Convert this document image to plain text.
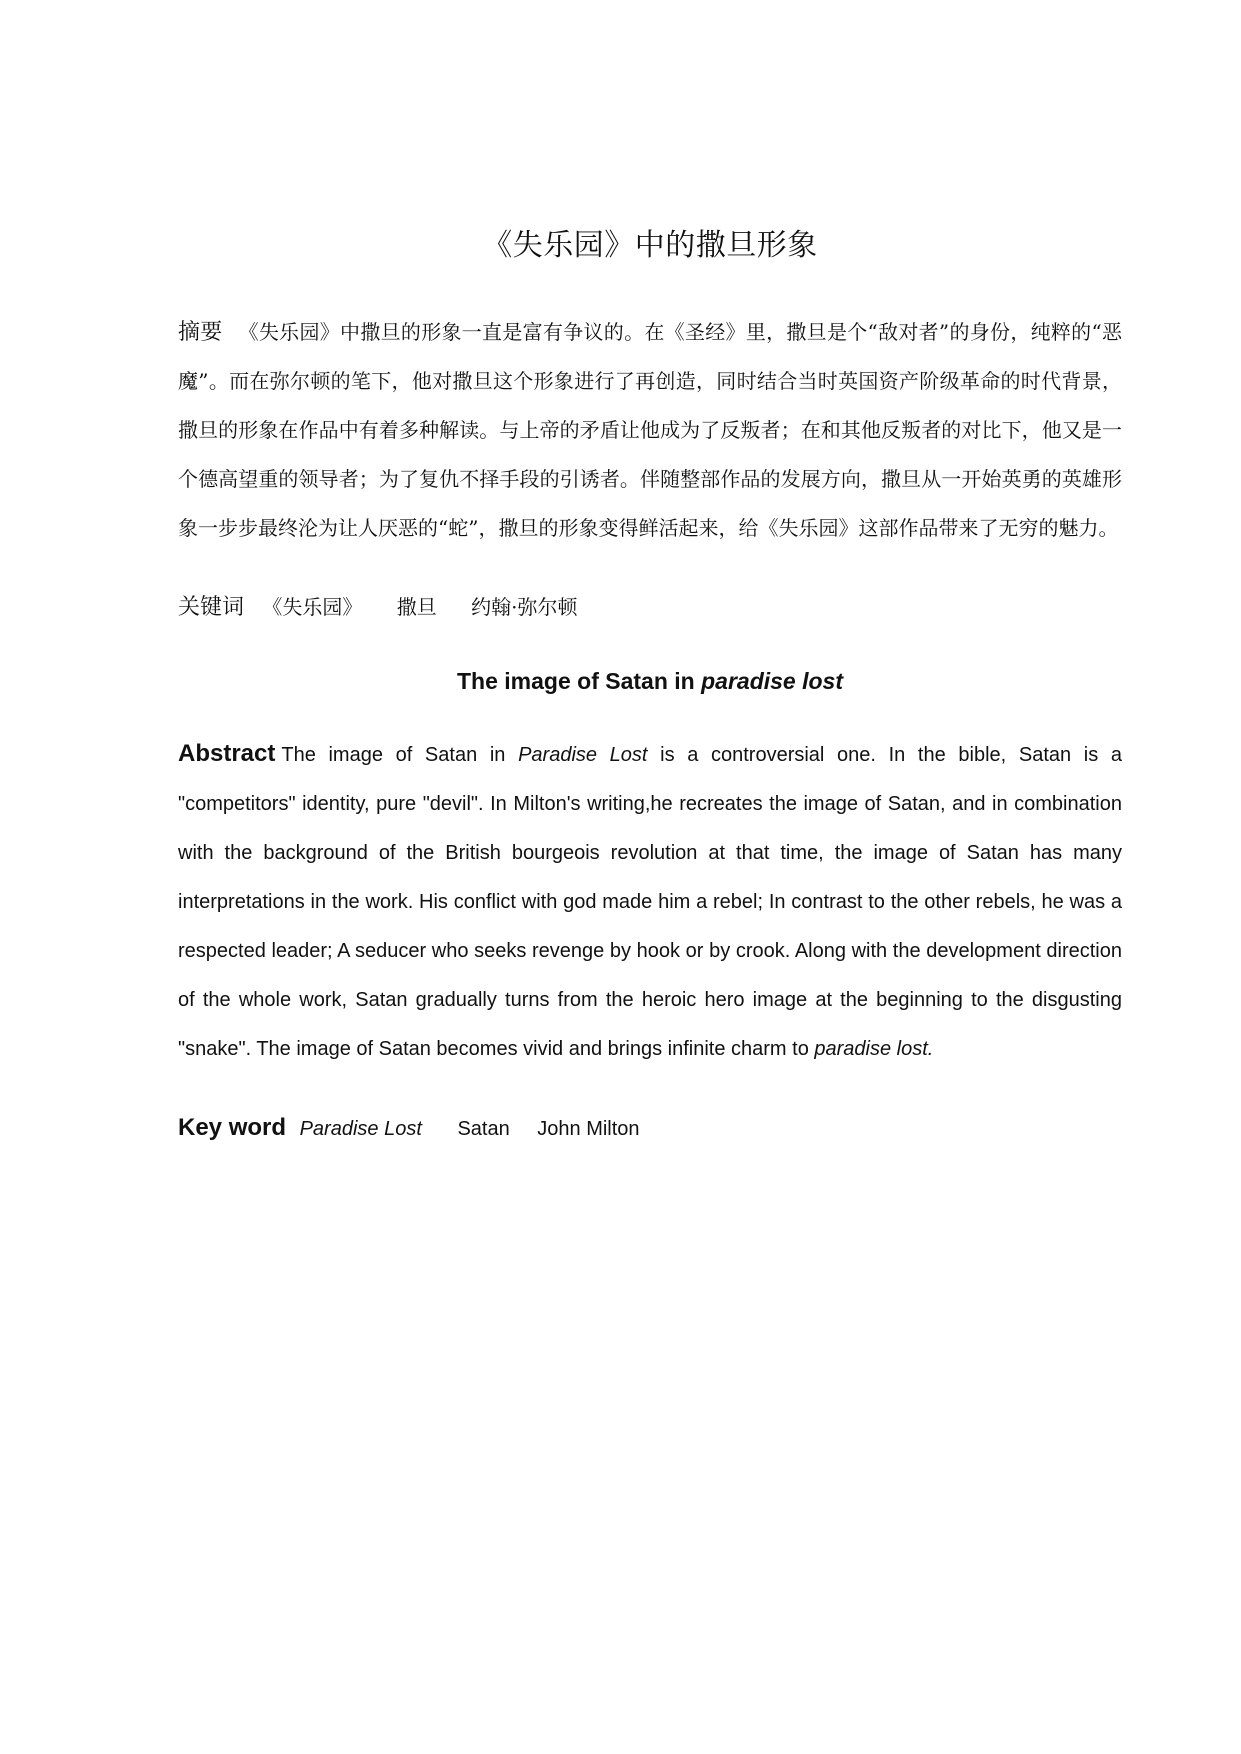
《失乐园》中的撒旦形象

摘要 《失乐园》中撒旦的形象一直是富有争议的。在《圣经》里，撒旦是个“敌对者”的身份，纯粹的“恶魔”。而在弥尔顿的笔下，他对撒旦这个形象进行了再创造，同时结合当时英国资产阶级革命的时代背景，撒旦的形象在作品中有着多种解读。与上帝的矛盾让他成为了反叛者；在和其他反叛者的对比下，他又是一个德高望重的领导者；为了复仇不择手段的引诱者。伴随整部作品的发展方向，撒旦从一开始英勇的英雄形象一步步最终沦为让人厌恶的“蛇”，撒旦的形象变得鲜活起来，给《失乐园》这部作品带来了无穷的魅力。

关键词 《失乐园》 撒旦 约翰·弥尔顿
The image of Satan in paradise lost

Abstract The image of Satan in Paradise Lost is a controversial one. In the bible, Satan is a "competitors" identity, pure "devil". In Milton's writing,he recreates the image of Satan, and in combination with the background of the British bourgeois revolution at that time, the image of Satan has many interpretations in the work. His conflict with god made him a rebel; In contrast to the other rebels, he was a respected leader; A seducer who seeks revenge by hook or by crook. Along with the development direction of the whole work, Satan gradually turns from the heroic hero image at the beginning to the disgusting "snake". The image of Satan becomes vivid and brings infinite charm to paradise lost.

Key word Paradise Lost Satan John Milton
